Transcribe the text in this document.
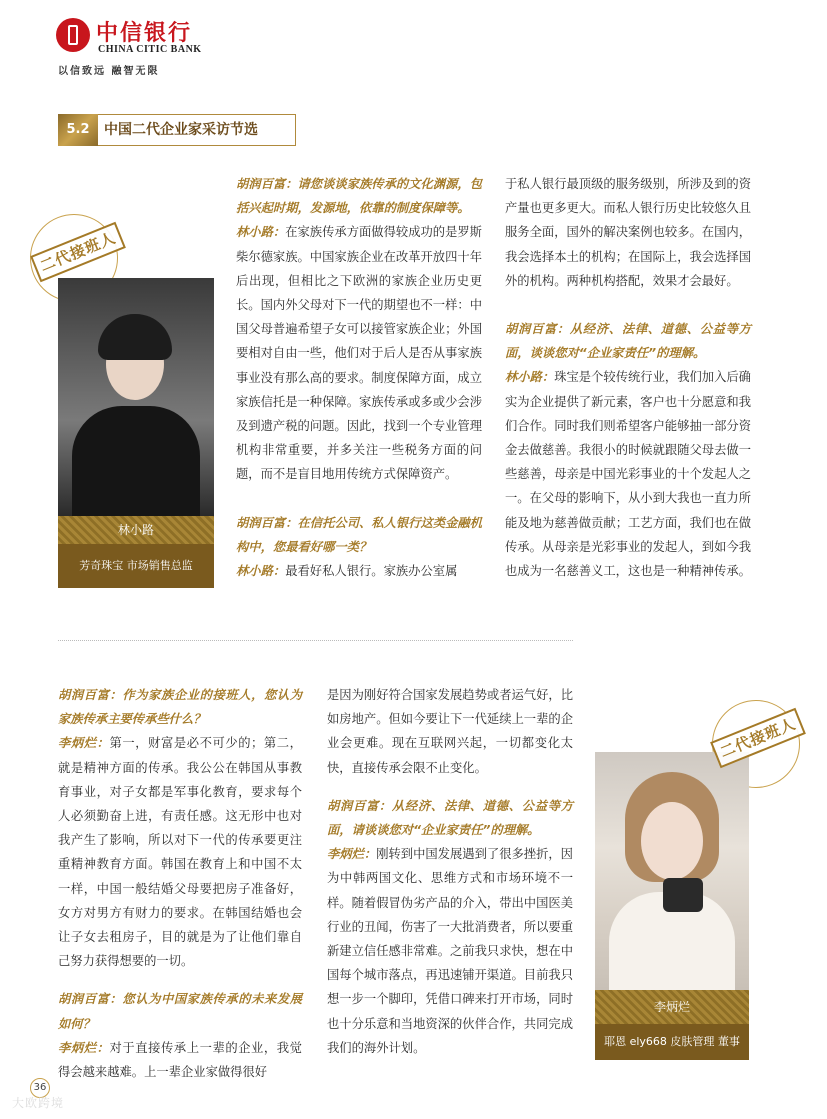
中信银行
CHINA CITIC BANK
以信致远 融智无限
5.2	中国二代企业家采访节选
二代接班人
林小路
芳奇珠宝 市场销售总监

胡润百富：请您谈谈家族传承的文化渊源，包括兴起时期，发源地，依靠的制度保障等。

林小路：在家族传承方面做得较成功的是罗斯柴尔德家族。中国家族企业在改革开放四十年后出现，但相比之下欧洲的家族企业历史更长。国内外父母对下一代的期望也不一样：中国父母普遍希望子女可以接管家族企业；外国要相对自由一些，他们对于后人是否从事家族事业没有那么高的要求。制度保障方面，成立家族信托是一种保障。家族传承或多或少会涉及到遗产税的问题。因此，找到一个专业管理机构非常重要，并多关注一些税务方面的问题，而不是盲目地用传统方式保障资产。

胡润百富：在信托公司、私人银行这类金融机构中，您最看好哪一类？

林小路：最看好私人银行。家族办公室属

于私人银行最顶级的服务级别，所涉及到的资产量也更多更大。而私人银行历史比较悠久且服务全面，国外的解决案例也较多。在国内，我会选择本土的机构；在国际上，我会选择国外的机构。两种机构搭配，效果才会最好。

胡润百富：从经济、法律、道德、公益等方面，谈谈您对“企业家责任”的理解。

林小路：珠宝是个较传统行业，我们加入后确实为企业提供了新元素，客户也十分愿意和我们合作。同时我们则希望客户能够抽一部分资金去做慈善。我很小的时候就跟随父母去做一些慈善，母亲是中国光彩事业的十个发起人之一。在父母的影响下，从小到大我也一直力所能及地为慈善做贡献；工艺方面，我们也在做传承。从母亲是光彩事业的发起人，到如今我也成为一名慈善义工，这也是一种精神传承。

胡润百富：作为家族企业的接班人，您认为家族传承主要传承些什么？

李炳烂：第一，财富是必不可少的；第二，就是精神方面的传承。我公公在韩国从事教育事业，对子女都是军事化教育，要求每个人必须勤奋上进，有责任感。这无形中也对我产生了影响，所以对下一代的传承要更注重精神教育方面。韩国在教育上和中国不太一样，中国一般结婚父母要把房子准备好，女方对男方有财力的要求。在韩国结婚也会让子女去租房子，目的就是为了让他们靠自己努力获得想要的一切。

胡润百富：您认为中国家族传承的未来发展如何？

李炳烂：对于直接传承上一辈的企业，我觉得会越来越难。上一辈企业家做得很好

是因为刚好符合国家发展趋势或者运气好，比如房地产。但如今要让下一代延续上一辈的企业会更难。现在互联网兴起，一切都变化太快，直接传承会限不止变化。

胡润百富：从经济、法律、道德、公益等方面，请谈谈您对“企业家责任”的理解。

李炳烂：刚转到中国发展遇到了很多挫折，因为中韩两国文化、思维方式和市场环境不一样。随着假冒伪劣产品的介入，带出中国医美行业的丑闻，伤害了一大批消费者，所以要重新建立信任感非常难。之前我只求快，想在中国每个城市落点，再迅速铺开渠道。目前我只想一步一个脚印，凭借口碑来打开市场，同时也十分乐意和当地资深的伙伴合作，共同完成我们的海外计划。

二代接班人
李炳烂
耶恩 ely668 皮肤管理 董事
36
大欧跨境
